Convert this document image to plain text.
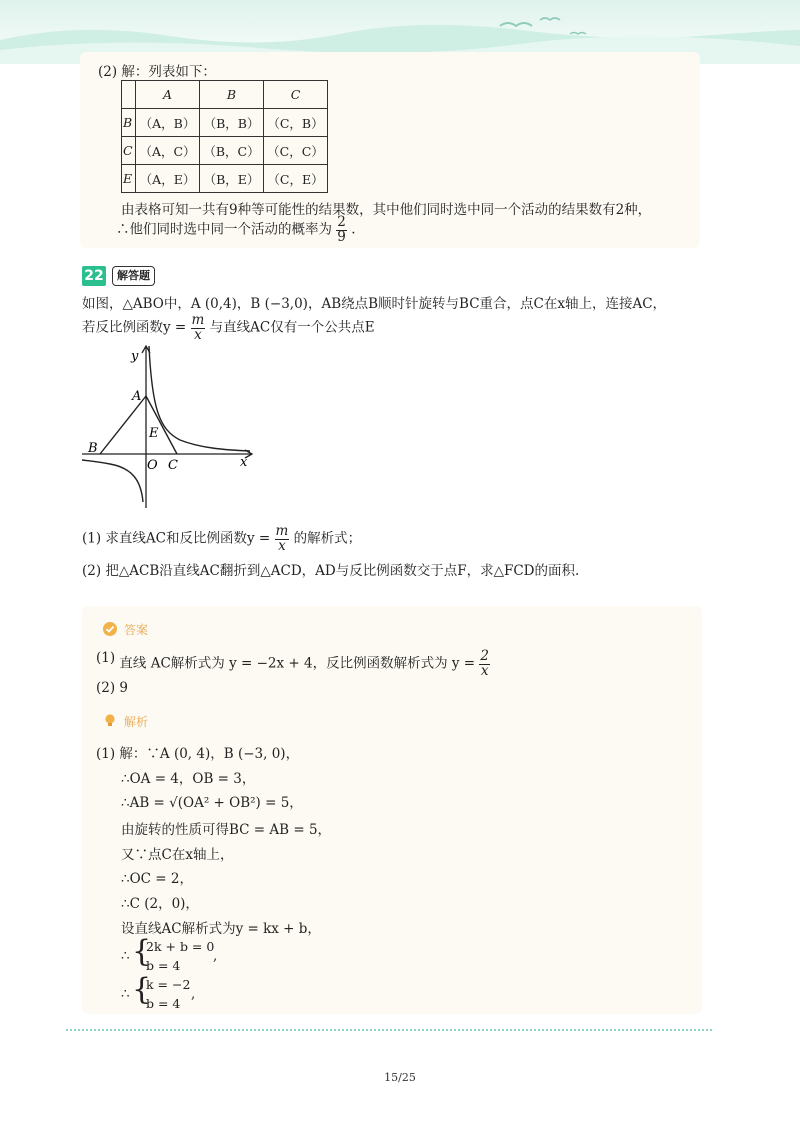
(2) 解：列表如下：
	A	B	C
B	（A，B）	（B，B）	（C，B）
C	（A，C）	（B，C）	（C，C）
E	（A，E）	（B，E）	（C，E）
由表格可知一共有9种等可能性的结果数，其中他们同时选中同一个活动的结果数有2种，
∴他们同时选中同一个活动的概率为 $\frac{2}{9}$ .
22	解答题
如图，△ABO中，A (0,4)，B (−3,0)，AB绕点B顺时针旋转与BC重合，点C在x轴上，连接AC，
若反比例函数$y = \frac{m}{x}$ 与直线AC仅有一个公共点E
y
A
B
E
O C	x
(1) 求直线AC和反比例函数$y = \frac{m}{x}$ 的解析式；
(2) 把△ACB沿直线AC翻折到△ACD，AD与反比例函数交于点F，求△FCD的面积.
答案
(1) 直线 AC解析式为 y = −2x + 4，反比例函数解析式为 $y = \frac{2}{x}$
(2) 9
解析
(1) 解：∵A (0, 4)，B (−3, 0)，
∴OA = 4，OB = 3，
∴AB = √(OA² + OB²) = 5，
由旋转的性质可得BC = AB = 5，
又∵点C在x轴上，
∴OC = 2，
∴C (2，0)，
设直线AC解析式为y = kx + b，
∴ {
2k + b = 0
b = 4
,
∴ {
k = −2
b = 4
,
15/25
